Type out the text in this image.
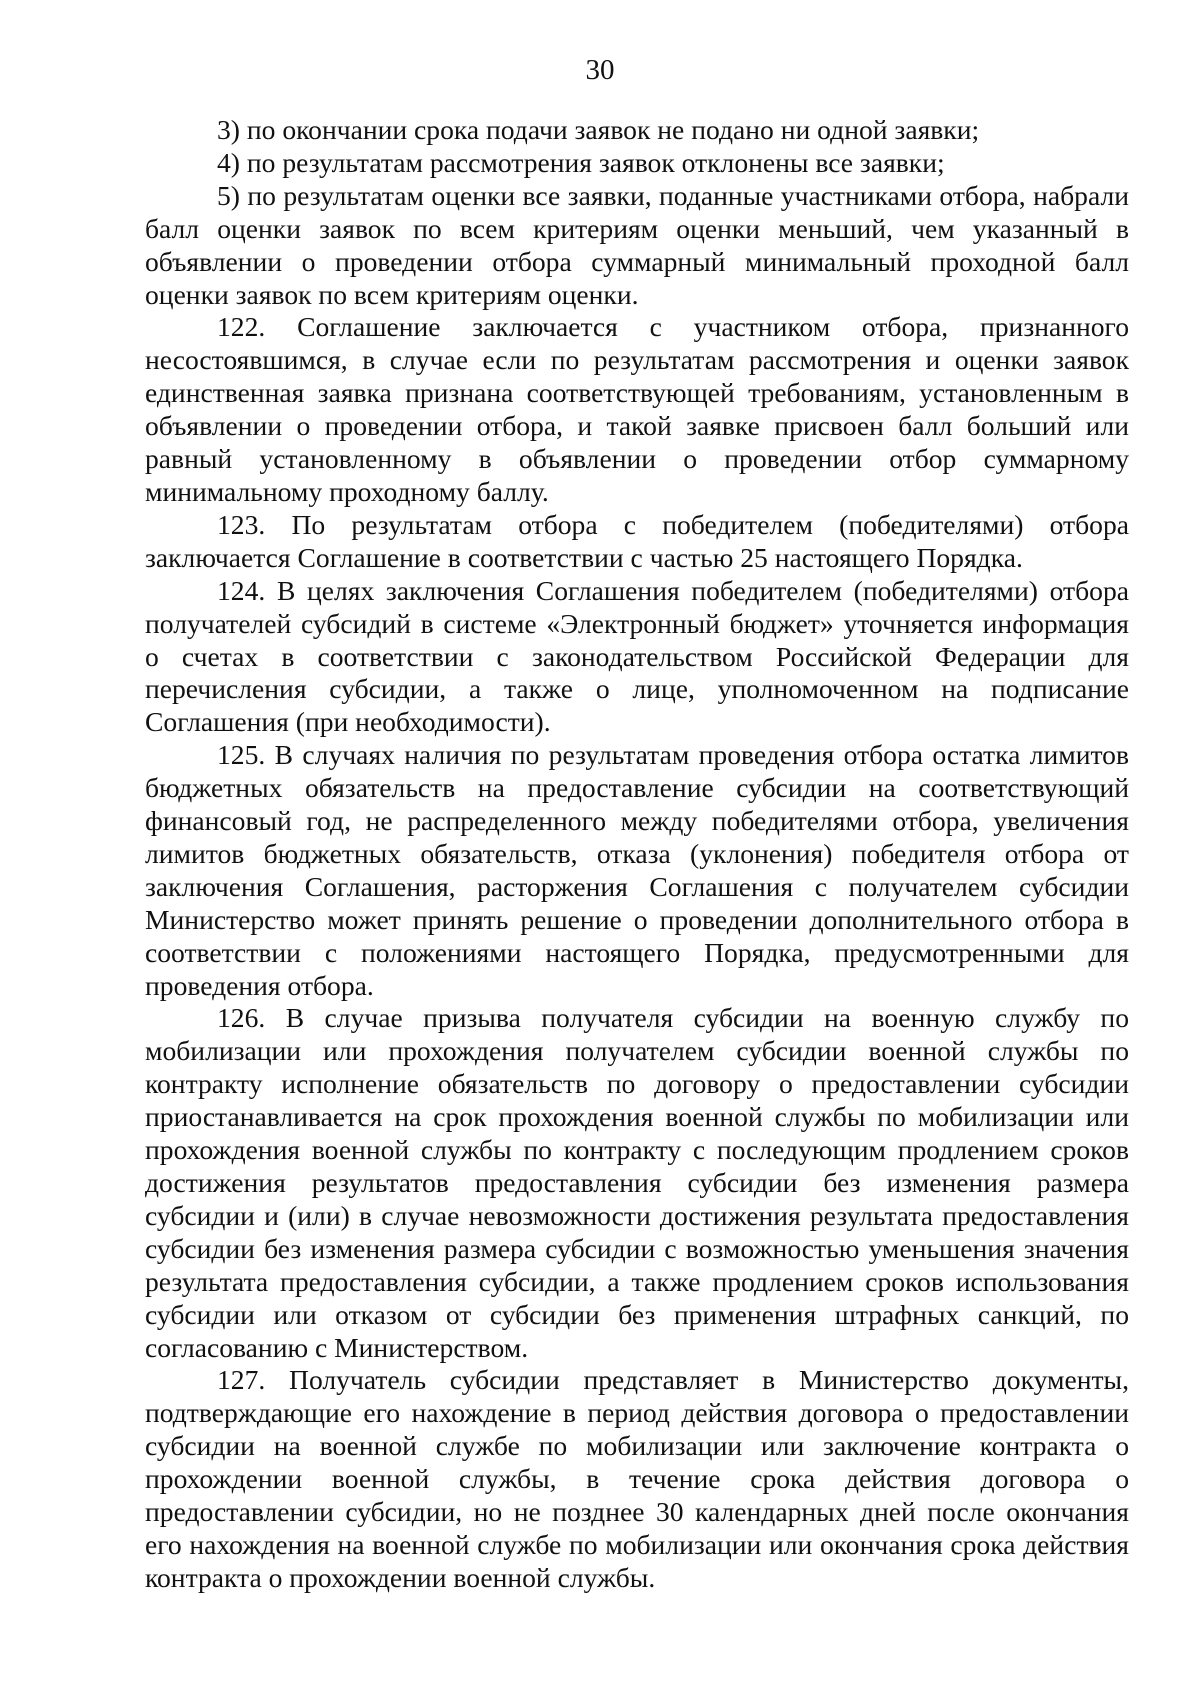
30

3) по окончании срока подачи заявок не подано ни одной заявки;

4) по результатам рассмотрения заявок отклонены все заявки;

5) по результатам оценки все заявки, поданные участниками отбора, набрали балл оценки заявок по всем критериям оценки меньший, чем указанный в объявлении о проведении отбора суммарный минимальный проходной балл оценки заявок по всем критериям оценки.

122. Соглашение заключается с участником отбора, признанного несостоявшимся, в случае если по результатам рассмотрения и оценки заявок единственная заявка признана соответствующей требованиям, установленным в объявлении о проведении отбора, и такой заявке присвоен балл больший или равный установленному в объявлении о проведении отбор суммарному минимальному проходному баллу.

123. По результатам отбора с победителем (победителями) отбора заключается Соглашение в соответствии с частью 25 настоящего Порядка.

124. В целях заключения Соглашения победителем (победителями) отбора получателей субсидий в системе «Электронный бюджет» уточняется информация о счетах в соответствии с законодательством Российской Федерации для перечисления субсидии, а также о лице, уполномоченном на подписание Соглашения (при необходимости).

125. В случаях наличия по результатам проведения отбора остатка лимитов бюджетных обязательств на предоставление субсидии на соответствующий финансовый год, не распределенного между победителями отбора, увеличения лимитов бюджетных обязательств, отказа (уклонения) победителя отбора от заключения Соглашения, расторжения Соглашения с получателем субсидии Министерство может принять решение о проведении дополнительного отбора в соответствии с положениями настоящего Порядка, предусмотренными для проведения отбора.

126. В случае призыва получателя субсидии на военную службу по мобилизации или прохождения получателем субсидии военной службы по контракту исполнение обязательств по договору о предоставлении субсидии приостанавливается на срок прохождения военной службы по мобилизации или прохождения военной службы по контракту с последующим продлением сроков достижения результатов предоставления субсидии без изменения размера субсидии и (или) в случае невозможности достижения результата предоставления субсидии без изменения размера субсидии с возможностью уменьшения значения результата предоставления субсидии, а также продлением сроков использования субсидии или отказом от субсидии без применения штрафных санкций, по согласованию с Министерством.

127. Получатель субсидии представляет в Министерство документы, подтверждающие его нахождение в период действия договора о предоставлении субсидии на военной службе по мобилизации или заключение контракта о прохождении военной службы, в течение срока действия договора о предоставлении субсидии, но не позднее 30 календарных дней после окончания его нахождения на военной службе по мобилизации или окончания срока действия контракта о прохождении военной службы.
